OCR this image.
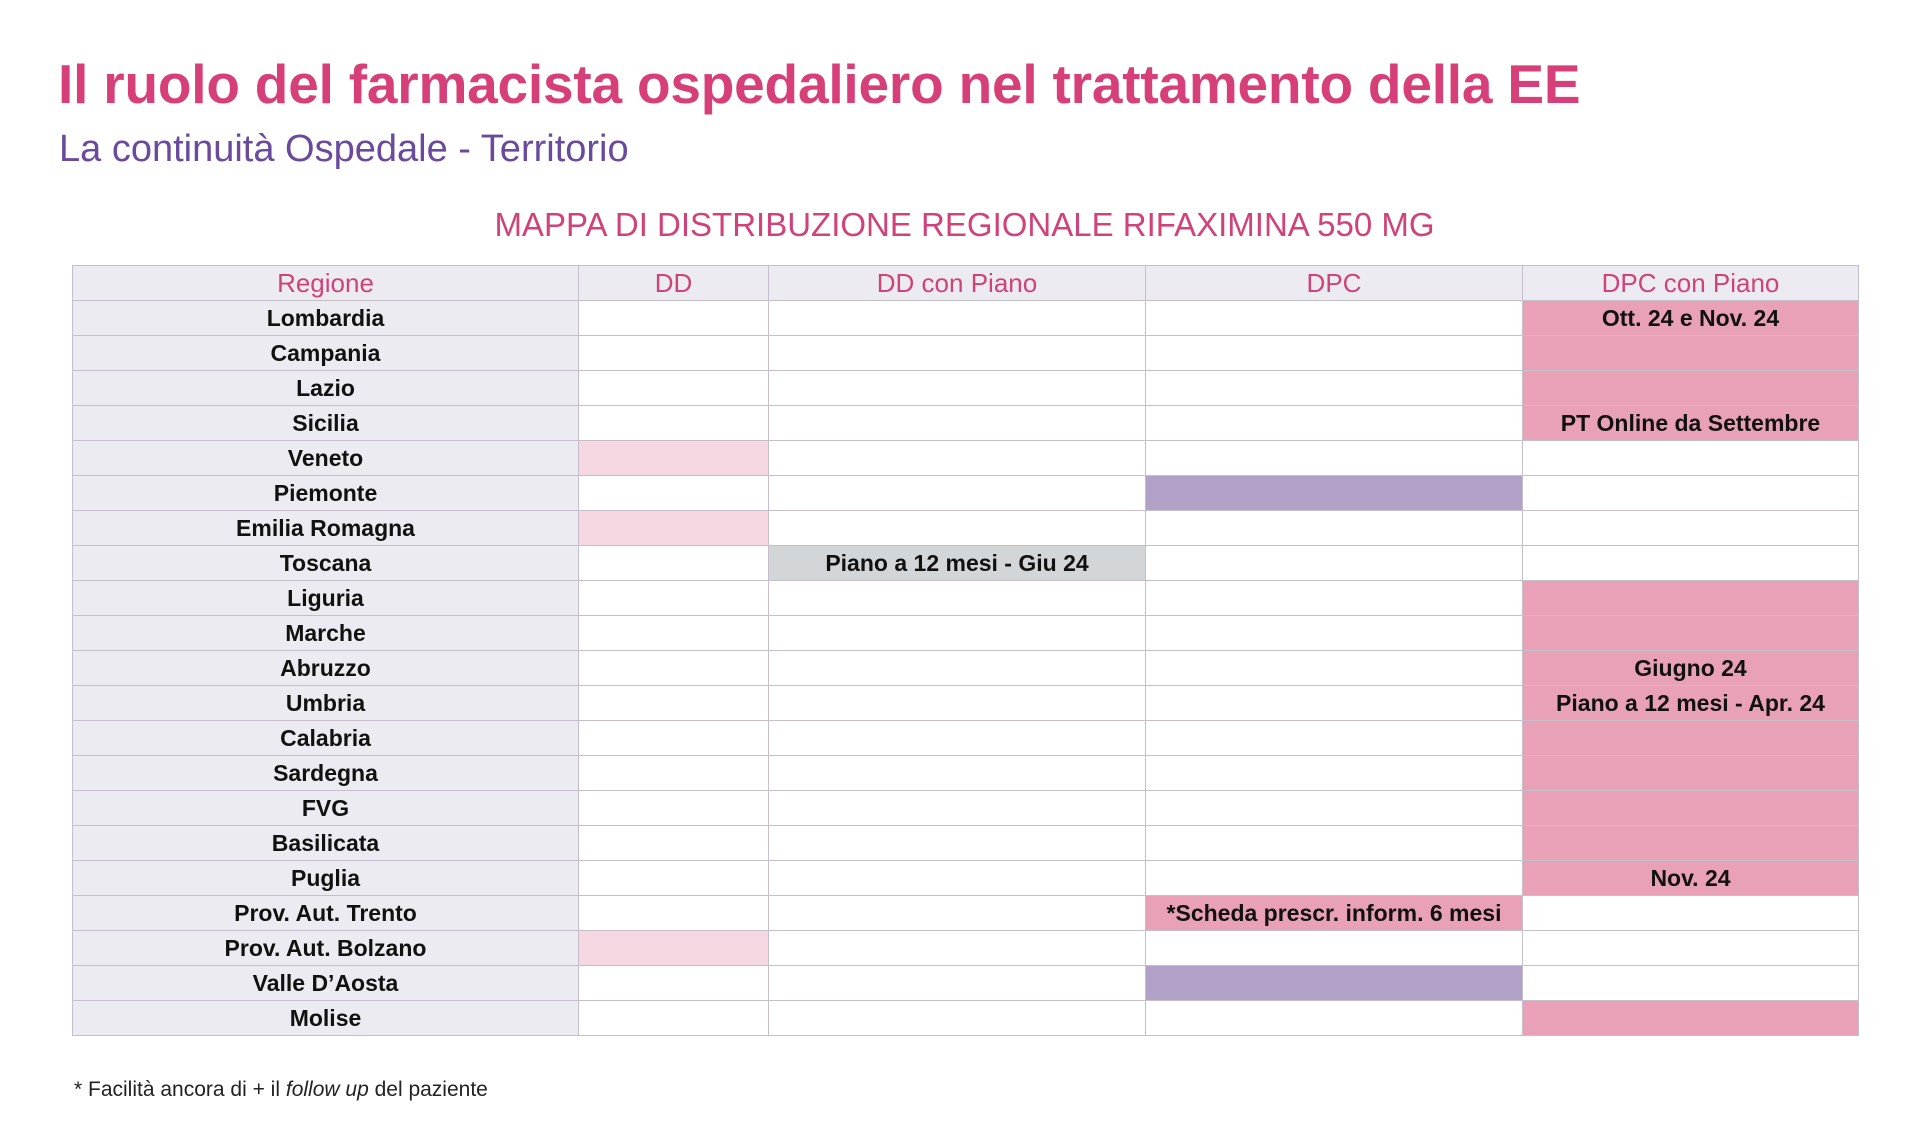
Il ruolo del farmacista ospedaliero nel trattamento della EE
La continuità Ospedale - Territorio
MAPPA DI DISTRIBUZIONE REGIONALE RIFAXIMINA 550 MG
Regione	DD	DD con Piano	DPC	DPC con Piano
Lombardia				Ott. 24 e Nov. 24
Campania				
Lazio				
Sicilia				PT Online da Settembre
Veneto				
Piemonte				
Emilia Romagna				
Toscana		Piano a 12 mesi - Giu 24		
Liguria				
Marche				
Abruzzo				Giugno 24
Umbria				Piano a 12 mesi - Apr. 24
Calabria				
Sardegna				
FVG				
Basilicata				
Puglia				Nov. 24
Prov. Aut. Trento			*Scheda prescr. inform. 6 mesi	
Prov. Aut. Bolzano				
Valle D’Aosta				
Molise				
* Facilità ancora di + il follow up del paziente
